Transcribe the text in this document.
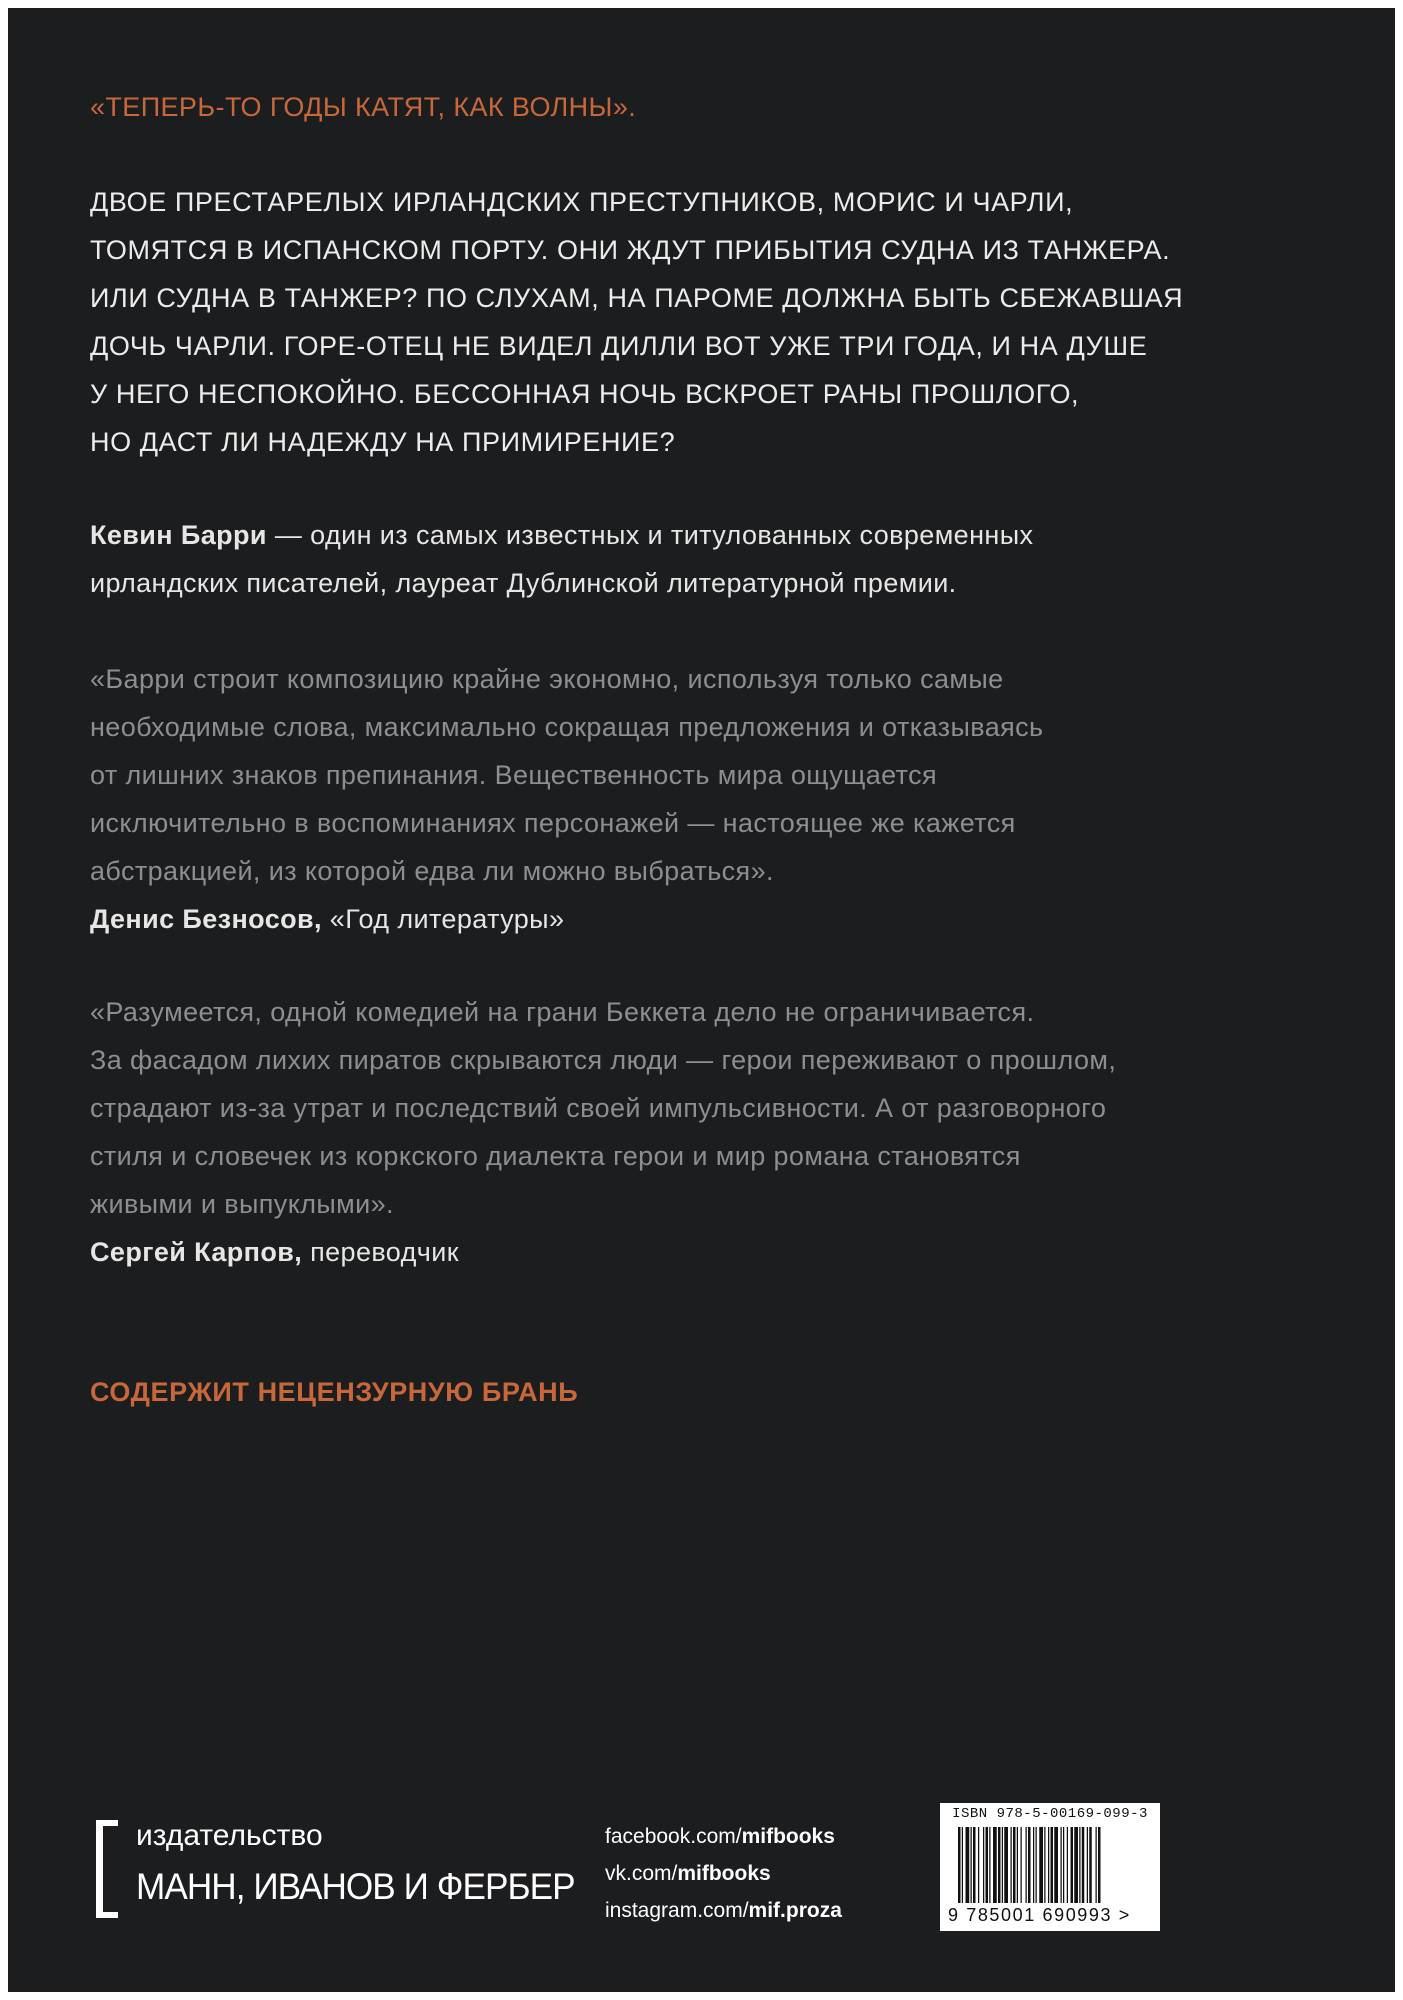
«ТЕПЕРЬ-ТО ГОДЫ КАТЯТ, КАК ВОЛНЫ».
ДВОЕ ПРЕСТАРЕЛЫХ ИРЛАНДСКИХ ПРЕСТУПНИКОВ, МОРИС И ЧАРЛИ,
ТОМЯТСЯ В ИСПАНСКОМ ПОРТУ. ОНИ ЖДУТ ПРИБЫТИЯ СУДНА ИЗ ТАНЖЕРА.
ИЛИ СУДНА В ТАНЖЕР? ПО СЛУХАМ, НА ПАРОМЕ ДОЛЖНА БЫТЬ СБЕЖАВШАЯ
ДОЧЬ ЧАРЛИ. ГОРЕ-ОТЕЦ НЕ ВИДЕЛ ДИЛЛИ ВОТ УЖЕ ТРИ ГОДА, И НА ДУШЕ
У НЕГО НЕСПОКОЙНО. БЕССОННАЯ НОЧЬ ВСКРОЕТ РАНЫ ПРОШЛОГО,
НО ДАСТ ЛИ НАДЕЖДУ НА ПРИМИРЕНИЕ?
Кевин Барри — один из самых известных и титулованных современных
ирландских писателей, лауреат Дублинской литературной премии.
«Барри строит композицию крайне экономно, используя только самые
необходимые слова, максимально сокращая предложения и отказываясь
от лишних знаков препинания. Вещественность мира ощущается
исключительно в воспоминаниях персонажей — настоящее же кажется
абстракцией, из которой едва ли можно выбраться».
Денис Безносов, «Год литературы»
«Разумеется, одной комедией на грани Беккета дело не ограничивается.
За фасадом лихих пиратов скрываются люди — герои переживают о прошлом,
страдают из-за утрат и последствий своей импульсивности. А от разговорного
стиля и словечек из коркского диалекта герои и мир романа становятся
живыми и выпуклыми».
Сергей Карпов, переводчик
СОДЕРЖИТ НЕЦЕНЗУРНУЮ БРАНЬ
издательство
МАНН, ИВАНОВ И ФЕРБЕР
facebook.com/mifbooks
vk.com/mifbooks
instagram.com/mif.proza
ISBN 978-5-00169-099-3
9 785001 690993 >
